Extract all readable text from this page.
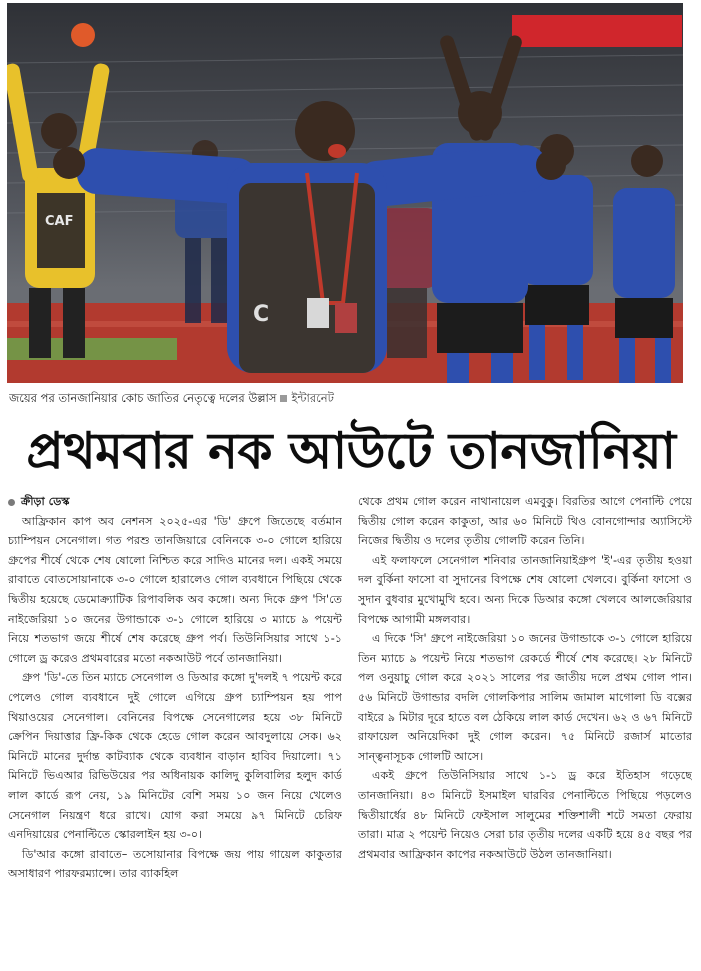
CAF
C
জয়ের পর তানজানিয়ার কোচ জাতির নেতৃত্বে দলের উল্লাস ইন্টারনেট
প্রথমবার নক আউটে তানজানিয়া

ক্রীড়া ডেস্ক

আফ্রিকান কাপ অব নেশনস ২০২৫-এর 'ডি' গ্রুপে জিতেছে বর্তমান চ্যাম্পিয়ন সেনেগাল। গত পরশু তানজিয়ারে বেনিনকে ৩-০ গোলে হারিয়ে গ্রুপের শীর্ষে থেকে শেষ ষোলো নিশ্চিত করে সাদিও মানের দল। একই সময়ে রাবাতে বোতসোয়ানাকে ৩-০ গোলে হারালেও গোল ব্যবধানে পিছিয়ে থেকে দ্বিতীয় হয়েছে ডেমোক্র্যাটিক রিপাবলিক অব কঙ্গো। অন্য দিকে গ্রুপ 'সি'তে নাইজেরিয়া ১০ জনের উগান্ডাকে ৩-১ গোলে হারিয়ে ৩ ম্যাচে ৯ পয়েন্ট নিয়ে শতভাগ জয়ে শীর্ষে শেষ করেছে গ্রুপ পর্ব। তিউনিসিয়ার সাথে ১-১ গোলে ড্র করেও প্রথমবারের মতো নকআউট পর্বে তানজানিয়া।

গ্রুপ 'ডি'-তে তিন ম্যাচে সেনেগাল ও ডিআর কঙ্গো দু'দলই ৭ পয়েন্ট করে পেলেও গোল ব্যবধানে দুই গোলে এগিয়ে গ্রুপ চ্যাম্পিয়ন হয় পাপ থিয়াওয়ের সেনেগাল। বেনিনের বিপক্ষে সেনেগালের হয়ে ৩৮ মিনিটে ক্রেপিন দিয়াত্তার ফ্রি-কিক থেকে হেডে গোল করেন আবদুলায়ে সেক। ৬২ মিনিটে মানের দুর্দান্ত কাটব্যাক থেকে ব্যবধান বাড়ান হাবিব দিয়ালো। ৭১ মিনিটে ভিএআর রিভিউয়ের পর অধিনায়ক কালিদু কুলিবালির হলুদ কার্ড লাল কার্ডে রূপ নেয়, ১৯ মিনিটের বেশি সময় ১০ জন নিয়ে খেলেও সেনেগাল নিয়ন্ত্রণ ধরে রাখে। যোগ করা সময়ে ৯৭ মিনিটে চেরিফ এনদিয়ায়ের পেনাল্টিতে স্কোরলাইন হয় ৩-০।

ডি'আর কঙ্গো রাবাতে– তসোয়ানার বিপক্ষে জয় পায় গায়েল কাকুতার অসাধারণ পারফরম্যান্সে। তার ব্যাকহিল

থেকে প্রথম গোল করেন নাথানায়েল এমবুকু। বিরতির আগে পেনাল্টি পেয়ে দ্বিতীয় গোল করেন কাকুতা, আর ৬০ মিনিটে থিও বোনগোন্দার অ্যাসিস্টে নিজের দ্বিতীয় ও দলের তৃতীয় গোলটি করেন তিনি।

এই ফলাফলে সেনেগাল শনিবার তানজানিয়াইগ্রুপ 'ই'-এর তৃতীয় হওয়া দল বুর্কিনা ফাসো বা সুদানের বিপক্ষে শেষ ষোলো খেলবে। বুর্কিনা ফাসো ও সুদান বুধবার মুখোমুখি হবে। অন্য দিকে ডিআর কঙ্গো খেলবে আলজেরিয়ার বিপক্ষে আগামী মঙ্গলবার।

এ দিকে 'সি' গ্রুপে নাইজেরিয়া ১০ জনের উগান্ডাকে ৩-১ গোলে হারিয়ে তিন ম্যাচে ৯ পয়েন্ট নিয়ে শতভাগ রেকর্ডে শীর্ষে শেষ করেছে। ২৮ মিনিটে পল ওনুয়াচু গোল করে ২০২১ সালের পর জাতীয় দলে প্রথম গোল পান। ৫৬ মিনিটে উগান্ডার বদলি গোলকিপার সালিম জামাল মাগোলা ডি বক্সের বাইরে ৯ মিটার দূরে হাতে বল ঠেকিয়ে লাল কার্ড দেখেন। ৬২ ও ৬৭ মিনিটে রাফায়েল অনিয়েদিকা দুই গোল করেন। ৭৫ মিনিটে রজার্স মাতোর সান্ত্বনাসূচক গোলটি আসে।

একই গ্রুপে তিউনিসিয়ার সাথে ১-১ ড্র করে ইতিহাস গড়েছে তানজানিয়া। ৪৩ মিনিটে ইসমাইল ঘারবির পেনাল্টিতে পিছিয়ে পড়লেও দ্বিতীয়ার্ধের ৪৮ মিনিটে ফেইসাল সালুমের শক্তিশালী শটে সমতা ফেরায় তারা। মাত্র ২ পয়েন্ট নিয়েও সেরা চার তৃতীয় দলের একটি হয়ে ৪৫ বছর পর প্রথমবার আফ্রিকান কাপের নকআউটে উঠল তানজানিয়া।
